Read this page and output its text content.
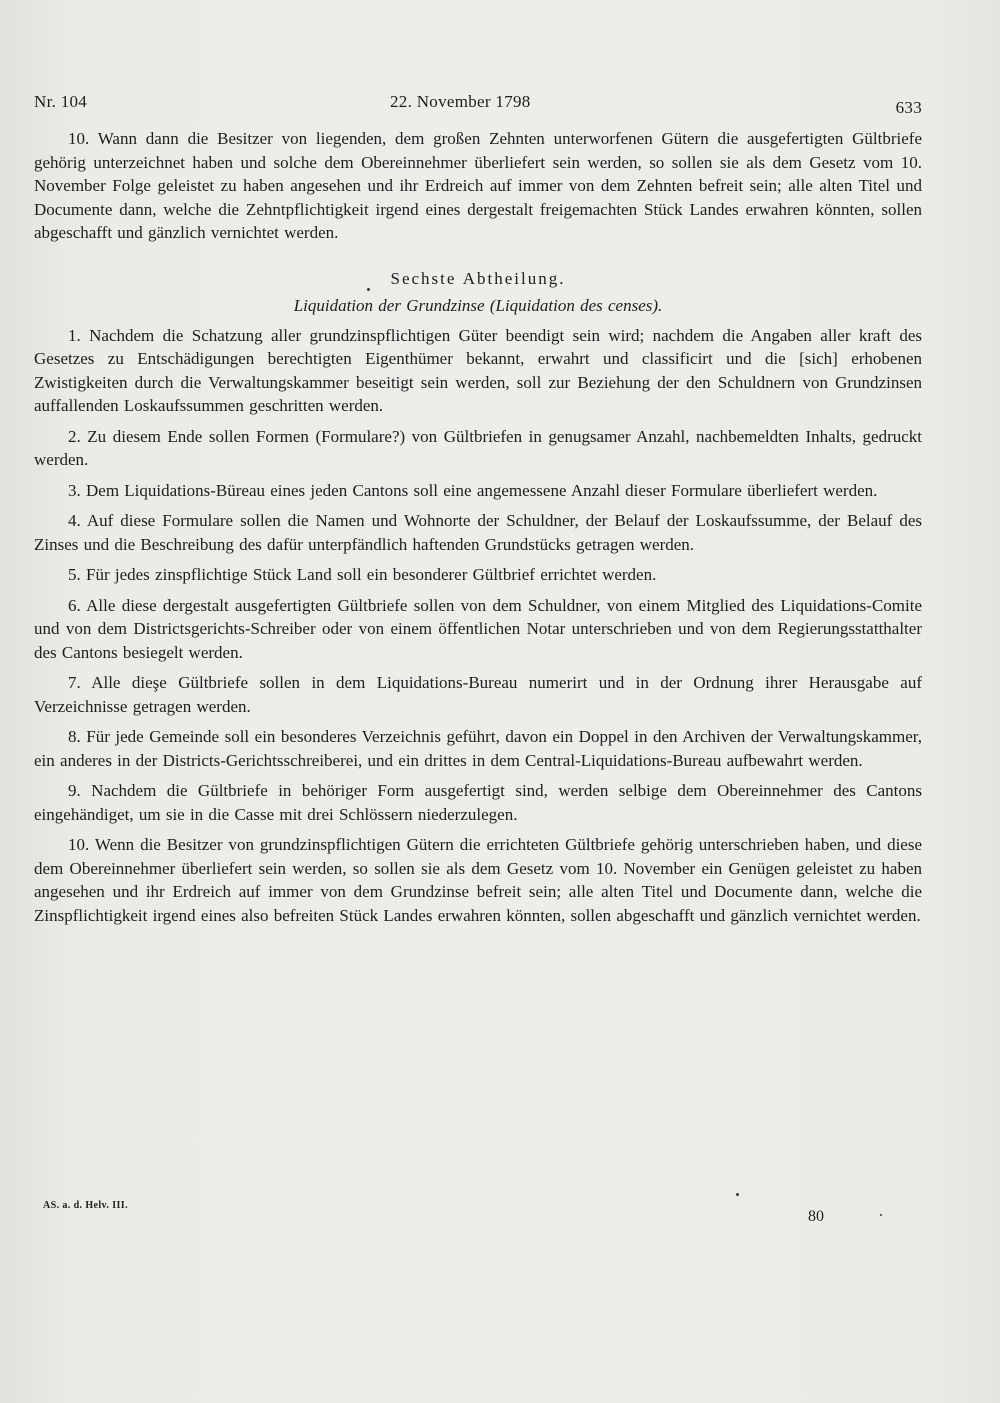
Nr. 104	22. November 1798	633

10. Wann dann die Besitzer von liegenden, dem großen Zehnten unterworfenen Gütern die ausgefertigten Gültbriefe gehörig unterzeichnet haben und solche dem Obereinnehmer überliefert sein werden, so sollen sie als dem Gesetz vom 10. November Folge geleistet zu haben angesehen und ihr Erdreich auf immer von dem Zehnten befreit sein; alle alten Titel und Documente dann, welche die Zehntpflichtigkeit irgend eines dergestalt freigemachten Stück Landes erwahren könnten, sollen abgeschafft und gänzlich vernichtet werden.

Sechste Abtheilung.

Liquidation der Grundzinse (Liquidation des censes).

1. Nachdem die Schatzung aller grundzinspflichtigen Güter beendigt sein wird; nachdem die Angaben aller kraft des Gesetzes zu Entschädigungen berechtigten Eigenthümer bekannt, erwahrt und classificirt und die [sich] erhobenen Zwistigkeiten durch die Verwaltungskammer beseitigt sein werden, soll zur Beziehung der den Schuldnern von Grundzinsen auffallenden Loskaufssummen geschritten werden.

2. Zu diesem Ende sollen Formen (Formulare?) von Gültbriefen in genugsamer Anzahl, nachbemeldten Inhalts, gedruckt werden.

3. Dem Liquidations-Büreau eines jeden Cantons soll eine angemessene Anzahl dieser Formulare überliefert werden.

4. Auf diese Formulare sollen die Namen und Wohnorte der Schuldner, der Belauf der Loskaufssumme, der Belauf des Zinses und die Beschreibung des dafür unterpfändlich haftenden Grundstücks getragen werden.

5. Für jedes zinspflichtige Stück Land soll ein besonderer Gültbrief errichtet werden.

6. Alle diese dergestalt ausgefertigten Gültbriefe sollen von dem Schuldner, von einem Mitglied des Liquidations-Comite und von dem Districtsgerichts-Schreiber oder von einem öffentlichen Notar unterschrieben und von dem Regierungsstatthalter des Cantons besiegelt werden.

7. Alle dieşe Gültbriefe sollen in dem Liquidations-Bureau numerirt und in der Ordnung ihrer Herausgabe auf Verzeichnisse getragen werden.

8. Für jede Gemeinde soll ein besonderes Verzeichnis geführt, davon ein Doppel in den Archiven der Verwaltungskammer, ein anderes in der Districts-Gerichtsschreiberei, und ein drittes in dem Central-Liquidations-Bureau aufbewahrt werden.

9. Nachdem die Gültbriefe in behöriger Form ausgefertigt sind, werden selbige dem Obereinnehmer des Cantons eingehändiget, um sie in die Casse mit drei Schlössern niederzulegen.

10. Wenn die Besitzer von grundzinspflichtigen Gütern die errichteten Gültbriefe gehörig unterschrieben haben, und diese dem Obereinnehmer überliefert sein werden, so sollen sie als dem Gesetz vom 10. November ein Genügen geleistet zu haben angesehen und ihr Erdreich auf immer von dem Grundzinse befreit sein; alle alten Titel und Documente dann, welche die Zinspflichtigkeit irgend eines also befreiten Stück Landes erwahren könnten, sollen abgeschafft und gänzlich vernichtet werden.

AS. a. d. Helv. III.
80
